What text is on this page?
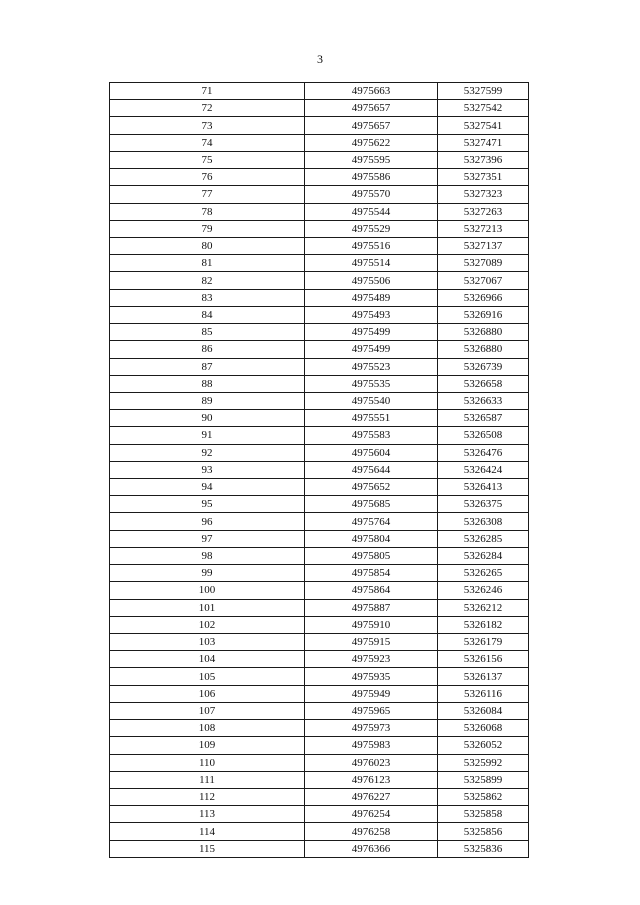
3
71	4975663	5327599
72	4975657	5327542
73	4975657	5327541
74	4975622	5327471
75	4975595	5327396
76	4975586	5327351
77	4975570	5327323
78	4975544	5327263
79	4975529	5327213
80	4975516	5327137
81	4975514	5327089
82	4975506	5327067
83	4975489	5326966
84	4975493	5326916
85	4975499	5326880
86	4975499	5326880
87	4975523	5326739
88	4975535	5326658
89	4975540	5326633
90	4975551	5326587
91	4975583	5326508
92	4975604	5326476
93	4975644	5326424
94	4975652	5326413
95	4975685	5326375
96	4975764	5326308
97	4975804	5326285
98	4975805	5326284
99	4975854	5326265
100	4975864	5326246
101	4975887	5326212
102	4975910	5326182
103	4975915	5326179
104	4975923	5326156
105	4975935	5326137
106	4975949	5326116
107	4975965	5326084
108	4975973	5326068
109	4975983	5326052
110	4976023	5325992
111	4976123	5325899
112	4976227	5325862
113	4976254	5325858
114	4976258	5325856
115	4976366	5325836
